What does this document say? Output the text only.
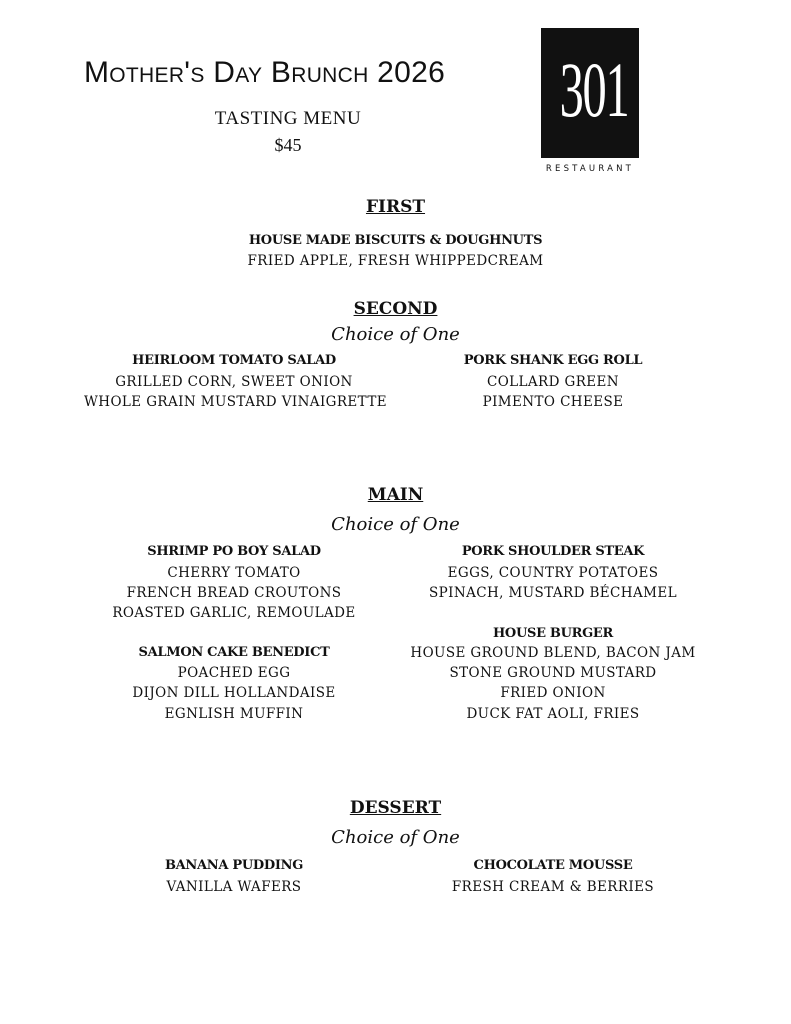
Mother's Day Brunch 2026
TASTING MENU
$45
301
RESTAURANT
FIRST
HOUSE MADE BISCUITS & DOUGHNUTS
FRIED APPLE, FRESH WHIPPEDCREAM
SECOND
Choice of One
HEIRLOOM TOMATO SALAD
GRILLED CORN, SWEET ONION
WHOLE GRAIN MUSTARD VINAIGRETTE
PORK SHANK EGG ROLL
COLLARD GREEN
PIMENTO CHEESE
MAIN
Choice of One
SHRIMP PO BOY SALAD
CHERRY TOMATO
FRENCH BREAD CROUTONS
ROASTED GARLIC, REMOULADE
SALMON CAKE BENEDICT
POACHED EGG
DIJON DILL HOLLANDAISE
EGNLISH MUFFIN
PORK SHOULDER STEAK
EGGS, COUNTRY POTATOES
SPINACH, MUSTARD BÉCHAMEL
HOUSE BURGER
HOUSE GROUND BLEND, BACON JAM
STONE GROUND MUSTARD
FRIED ONION
DUCK FAT AOLI, FRIES
DESSERT
Choice of One
BANANA PUDDING
VANILLA WAFERS
CHOCOLATE MOUSSE
FRESH CREAM & BERRIES
